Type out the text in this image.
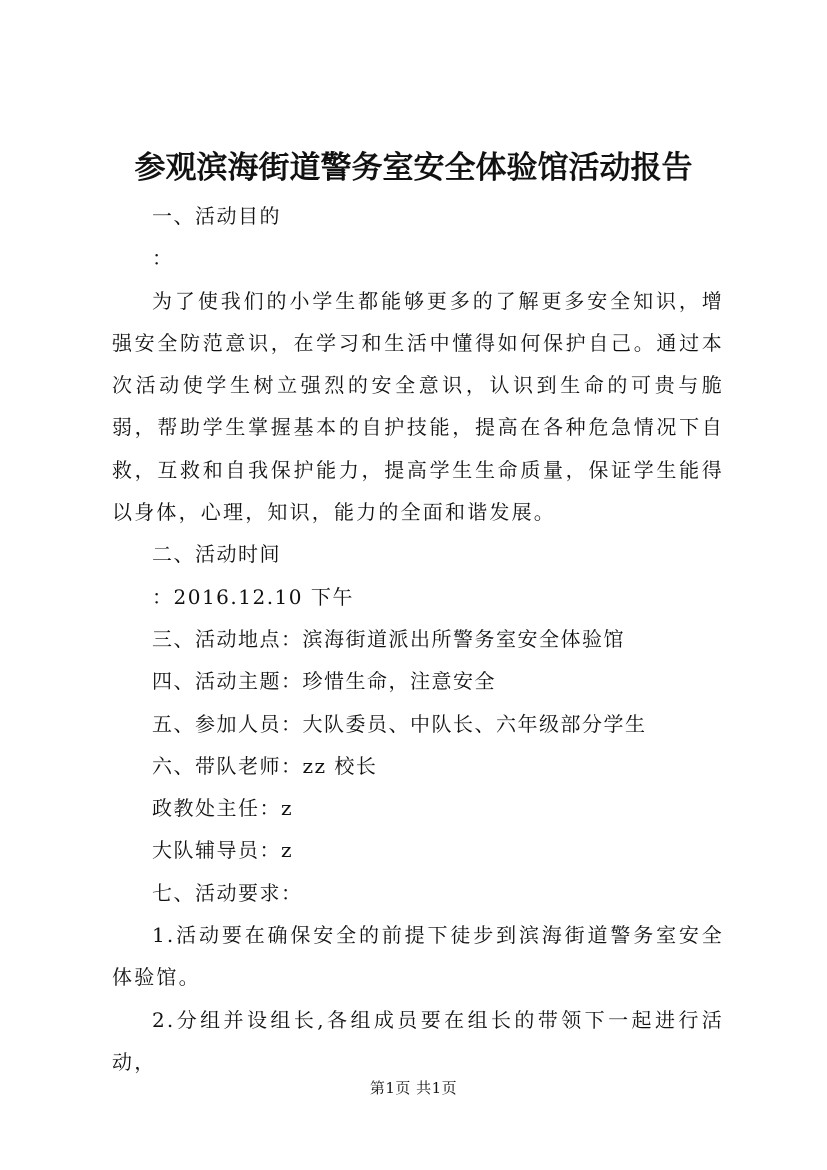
参观滨海街道警务室安全体验馆活动报告
一、活动目的
：
为了使我们的小学生都能够更多的了解更多安全知识，增强安全防范意识，在学习和生活中懂得如何保护自己。通过本次活动使学生树立强烈的安全意识，认识到生命的可贵与脆弱，帮助学生掌握基本的自护技能，提高在各种危急情况下自救，互救和自我保护能力，提高学生生命质量，保证学生能得以身体，心理，知识，能力的全面和谐发展。
二、活动时间
：2016.12.10 下午
三、活动地点：滨海街道派出所警务室安全体验馆
四、活动主题：珍惜生命，注意安全
五、参加人员：大队委员、中队长、六年级部分学生
六、带队老师：zz 校长
政教处主任：z
大队辅导员：z
七、活动要求：
1.活动要在确保安全的前提下徒步到滨海街道警务室安全体验馆。
2.分组并设组长,各组成员要在组长的带领下一起进行活动，
第1页 共1页
